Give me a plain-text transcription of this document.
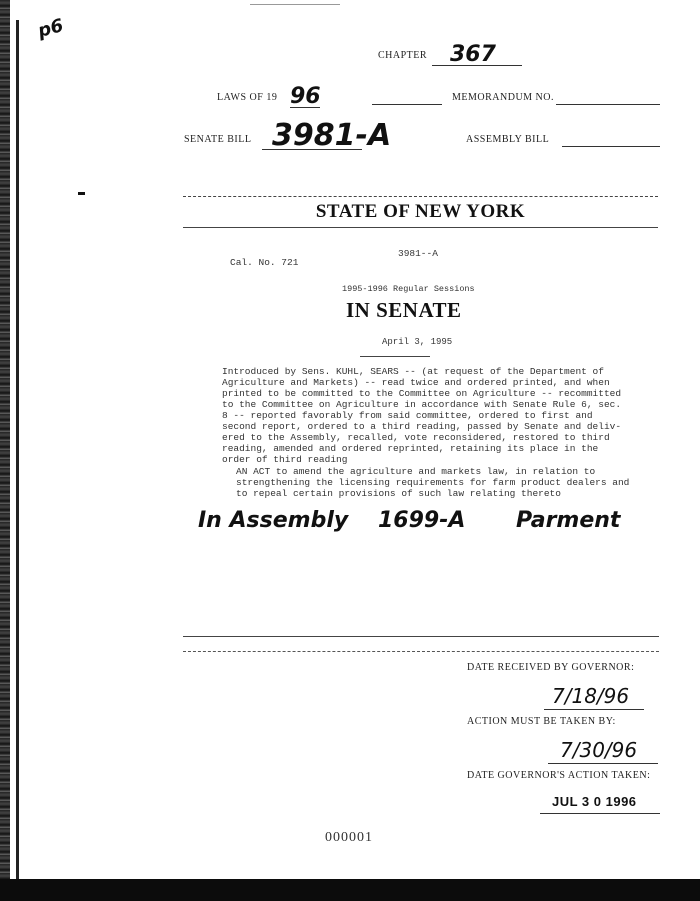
p6
CHAPTER 367
LAWS OF 19 96	MEMORANDUM NO.
SENATE BILL 3981-A	ASSEMBLY BILL
STATE OF NEW YORK
3981--A
Cal. No. 721
1995-1996 Regular Sessions
IN SENATE
April 3, 1995
Introduced by Sens. KUHL, SEARS -- (at request of the Department of
Agriculture and Markets) -- read twice and ordered printed, and when
printed to be committed to the Committee on Agriculture -- recommitted
to the Committee on Agriculture in accordance with Senate Rule 6, sec.
8 -- reported favorably from said committee, ordered to first and
second report, ordered to a third reading, passed by Senate and deliv-
ered to the Assembly, recalled, vote reconsidered, restored to third
reading, amended and ordered reprinted, retaining its place in the
order of third reading
AN ACT to amend the agriculture and markets law, in relation to
strengthening the licensing requirements for farm product dealers and
to repeal certain provisions of such law relating thereto
In Assembly 1699-A Parment
DATE RECEIVED BY GOVERNOR:
7/18/96
ACTION MUST BE TAKEN BY:
7/30/96
DATE GOVERNOR'S ACTION TAKEN:
JUL 3 0 1996
000001
